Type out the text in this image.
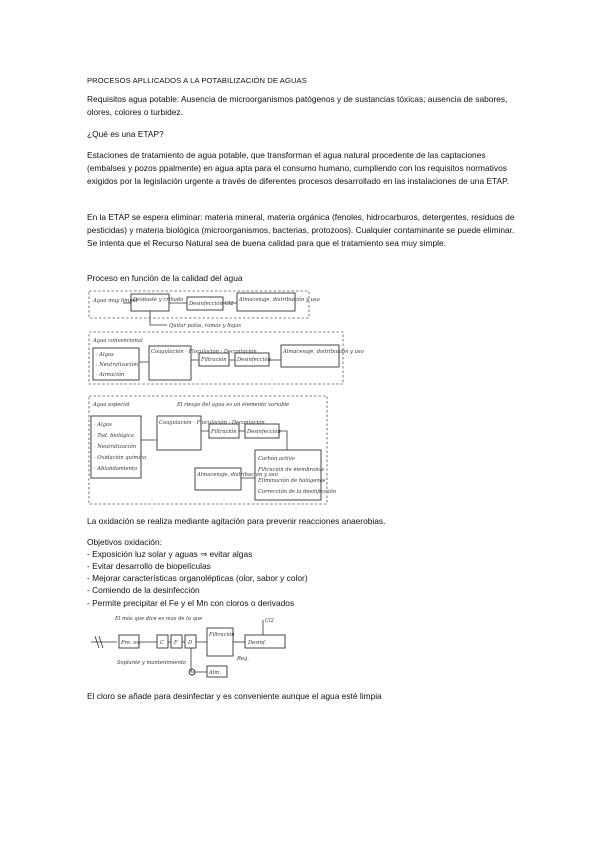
PROCESOS APLLICADOS A LA POTABILIZACIÓN DE AGUAS
Requisitos agua potable: Ausencia de microorganismos patógenos y de sustancias tóxicas; ausencia de sabores, olores, colores o turbidez.
¿Qué es una ETAP?
Estaciones de tratamiento de agua potable, que transforman el agua natural procedente de las captaciones (embalses y pozos ppalmente) en agua apta para el consumo humano, cumpliendo con los requisitos normativos exigidos por la legislación urgente a través de diferentes procesos desarrollado en las instalaciones de una ETAP.
En la ETAP se espera eliminar: materia mineral, materia orgánica (fenoles, hidrocarburos, detergentes, residuos de pesticidas) y materia biológica (microorganismos, bacterias, protozoos). Cualquier contaminante se puede eliminar. Se intenta que el Recurso Natural sea de buena calidad para que el tratamiento sea muy simple.
Proceso en función de la calidad del agua
Agua muy limpia
Desbaste y cribado
Desinfección Cl2
Almacenaje, distribución y uso
Quitar palos, ramas y hojas
Agua convencional
· Algas
· Neutralización
· Aireación
Coagulación · Floculación · Decantación
Filtración Desinfección
Almacenaje, distribución y uso
Agua especial	El riesgo del agua es un elemento variable
· Algas
· Tod. biológica
· Neutralización
· Oxidación química
· Ablandamiento
Coagulación · Floculación · Decantación
Filtración Desinfección
Carbón activo
Filtración de membranas
Eliminación de halógenos
Corrección de la desinfección
Almacenaje, distribución y uso
La oxidación se realiza mediante agitación para prevenir reacciones anaerobias.
Objetivos oxidación:
- Exposición luz solar y aguas ⇒ evitar algas
- Evitar desarrollo de biopelículas
- Mejorar características organolépticas (olor, sabor y color)
- Comiendo de la desinfección
- Permite precipitar el Fe y el Mn con cloros o derivados
El más que dice es más de lo que
Pre. ox.	C F D
Filtración
Desinf.
Cl2
Soplante y mantenimiento
Alm.
Reg.
El cloro se añade para desinfectar y es conveniente aunque el agua esté limpia
